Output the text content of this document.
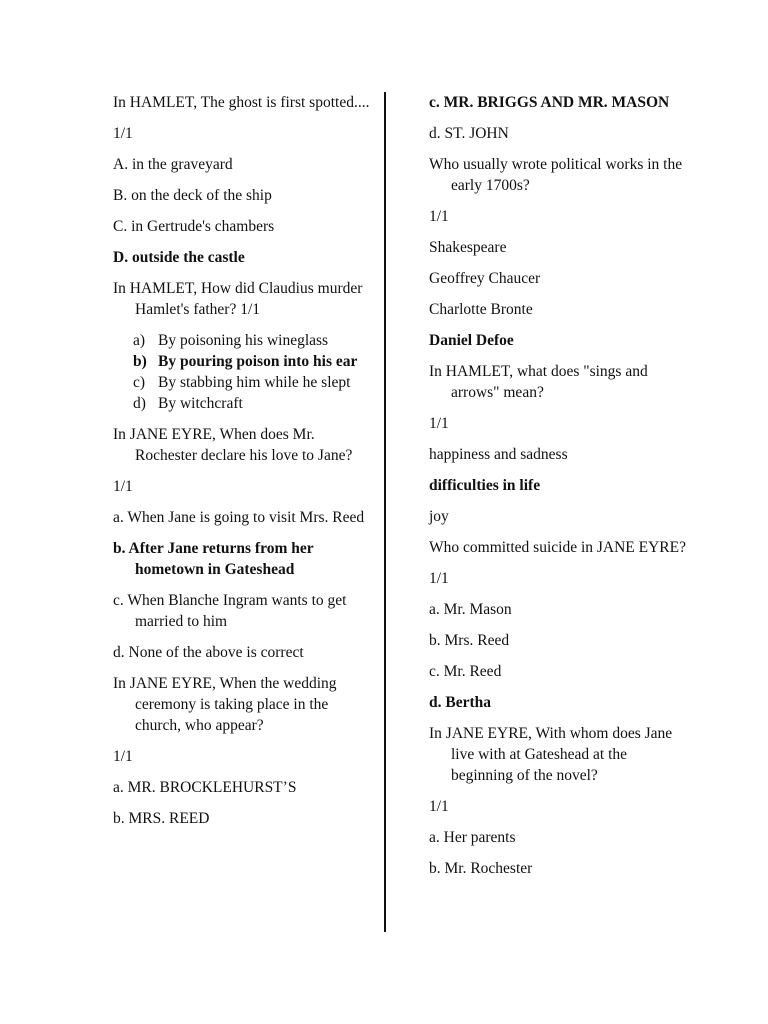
In HAMLET, The ghost is first spotted....

1/1

A. in the graveyard

B. on the deck of the ship

C. in Gertrude's chambers

D. outside the castle

In HAMLET, How did Claudius murder Hamlet's father? 1/1

a) By poisoning his wineglass
b) By pouring poison into his ear
c) By stabbing him while he slept
d) By witchcraft

In JANE EYRE, When does Mr. Rochester declare his love to Jane?

1/1

a. When Jane is going to visit Mrs. Reed

b. After Jane returns from her hometown in Gateshead

c. When Blanche Ingram wants to get married to him

d. None of the above is correct

In JANE EYRE, When the wedding ceremony is taking place in the church, who appear?

1/1

a. MR. BROCKLEHURST’S

b. MRS. REED

c. MR. BRIGGS AND MR. MASON

d. ST. JOHN

Who usually wrote political works in the early 1700s?

1/1

Shakespeare

Geoffrey Chaucer

Charlotte Bronte

Daniel Defoe

In HAMLET, what does "sings and arrows" mean?

1/1

happiness and sadness

difficulties in life

joy

Who committed suicide in JANE EYRE?

1/1

a. Mr. Mason

b. Mrs. Reed

c. Mr. Reed

d. Bertha

In JANE EYRE, With whom does Jane live with at Gateshead at the beginning of the novel?

1/1

a. Her parents

b. Mr. Rochester
